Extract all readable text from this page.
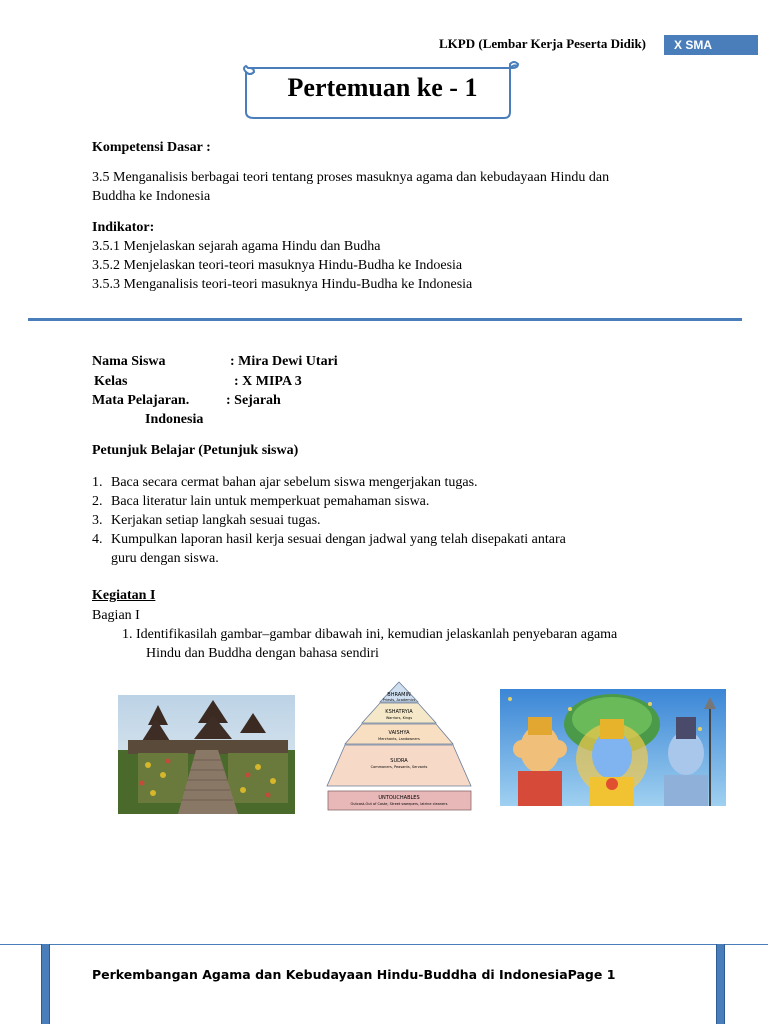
LKPD (Lembar Kerja Peserta Didik)	X SMA
Pertemuan ke - 1
Kompetensi Dasar :
3.5 Menganalisis berbagai teori tentang proses masuknya agama dan kebudayaan Hindu dan
Buddha ke Indonesia
Indikator:
3.5.1 Menjelaskan sejarah agama Hindu dan Budha
3.5.2 Menjelaskan teori-teori masuknya Hindu-Budha ke Indoesia
3.5.3 Menganalisis teori-teori masuknya Hindu-Budha ke Indonesia
Nama Siswa	: Mira Dewi Utari
Kelas	: X MIPA 3
Mata Pelajaran.	: Sejarah
Indonesia
Petunjuk Belajar (Petunjuk siswa)
1. Baca secara cermat bahan ajar sebelum siswa mengerjakan tugas.
2. Baca literatur lain untuk memperkuat pemahaman siswa.
3. Kerjakan setiap langkah sesuai tugas.
4. Kumpulkan laporan hasil kerja sesuai dengan jadwal yang telah disepakati antara
guru dengan siswa.
Kegiatan I
Bagian I
1. Identifikasilah gambar–gambar dibawah ini, kemudian jelaskanlah penyebaran agama
Hindu dan Buddha dengan bahasa sendiri
BHRAMIN
Priests, Academics
KSHATRYIA
Warriors, Kings
VAISHYA
Merchants, Landowners
SUDRA
Commoners, Peasants, Servants
UNTOUCHABLES
Outcast-Out of Caste, Street sweepers, latrine cleaners
Perkembangan Agama dan Kebudayaan Hindu-Buddha di IndonesiaPage 1
